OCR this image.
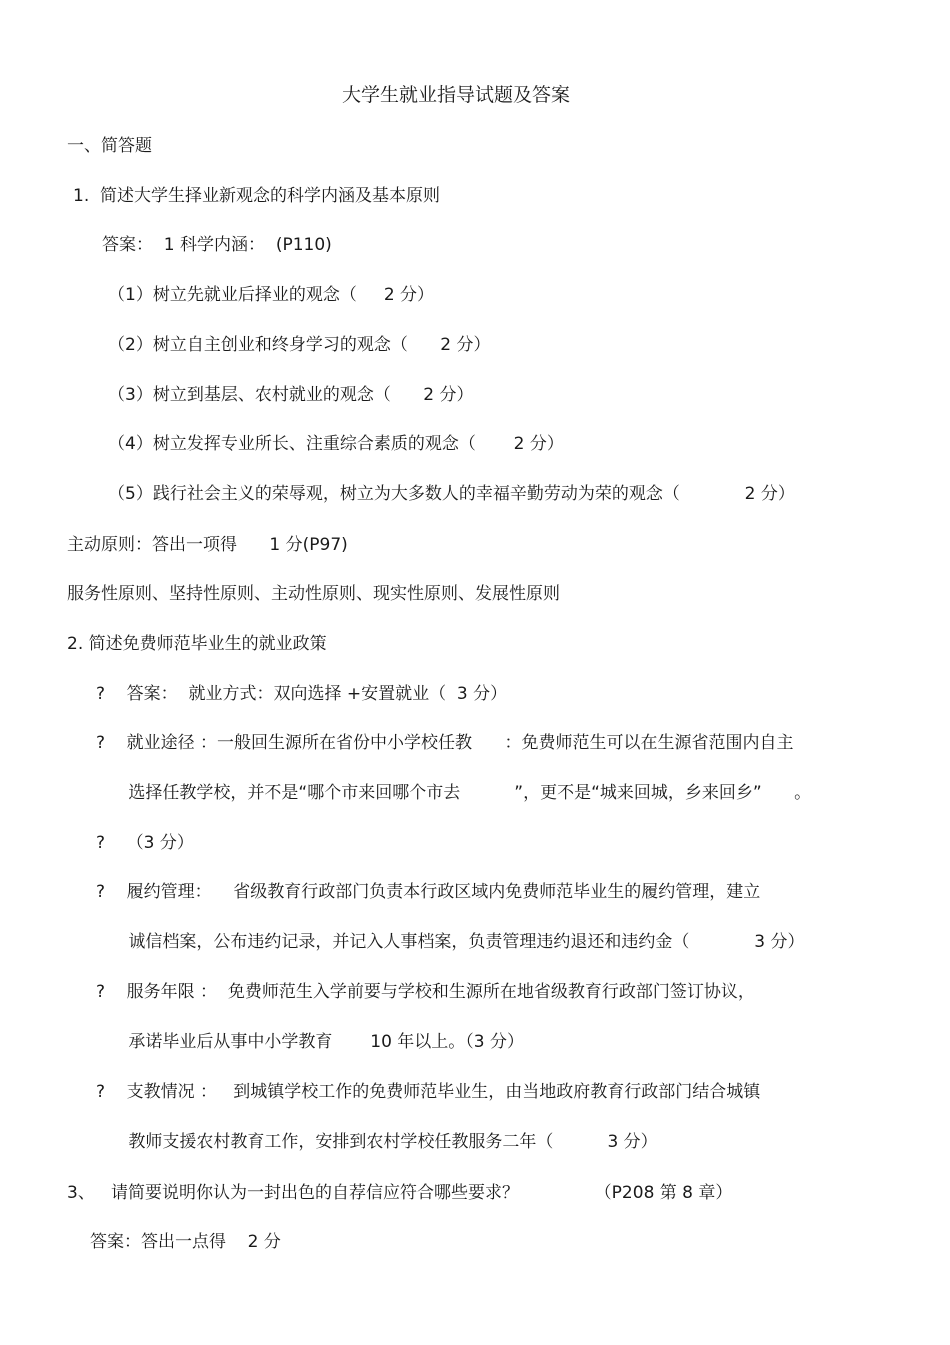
大学生就业指导试题及答案
一、简答题
1.  简述大学生择业新观念的科学内涵及基本原则
答案：  1 科学内涵：  (P110)
（1）树立先就业后择业的观念（     2 分）
（2）树立自主创业和终身学习的观念（      2 分）
（3）树立到基层、农村就业的观念（      2 分）
（4）树立发挥专业所长、注重综合素质的观念（       2 分）
（5）践行社会主义的荣辱观，树立为大多数人的幸福辛勤劳动为荣的观念（            2 分）
主动原则：答出一项得      1 分(P97)
服务性原则、坚持性原则、主动性原则、现实性原则、发展性原则
2. 简述免费师范毕业生的就业政策
?    答案：  就业方式：双向选择 +安置就业（  3 分）
?    就业途径 ：一般回生源所在省份中小学校任教      ：免费师范生可以在生源省范围内自主
选择任教学校，并不是“哪个市来回哪个市去          ”，更不是“城来回城，乡来回乡”      。
?    （3 分）
?    履约管理：    省级教育行政部门负责本行政区域内免费师范毕业生的履约管理，建立
诚信档案，公布违约记录，并记入人事档案，负责管理违约退还和违约金（            3 分）
?    服务年限 ：  免费师范生入学前要与学校和生源所在地省级教育行政部门签订协议，
承诺毕业后从事中小学教育       10 年以上。（3 分）
?    支教情况 ：   到城镇学校工作的免费师范毕业生，由当地政府教育行政部门结合城镇
教师支援农村教育工作，安排到农村学校任教服务二年（          3 分）
3、   请简要说明你认为一封出色的自荐信应符合哪些要求？              （P208 第 8 章）
答案：答出一点得    2 分
